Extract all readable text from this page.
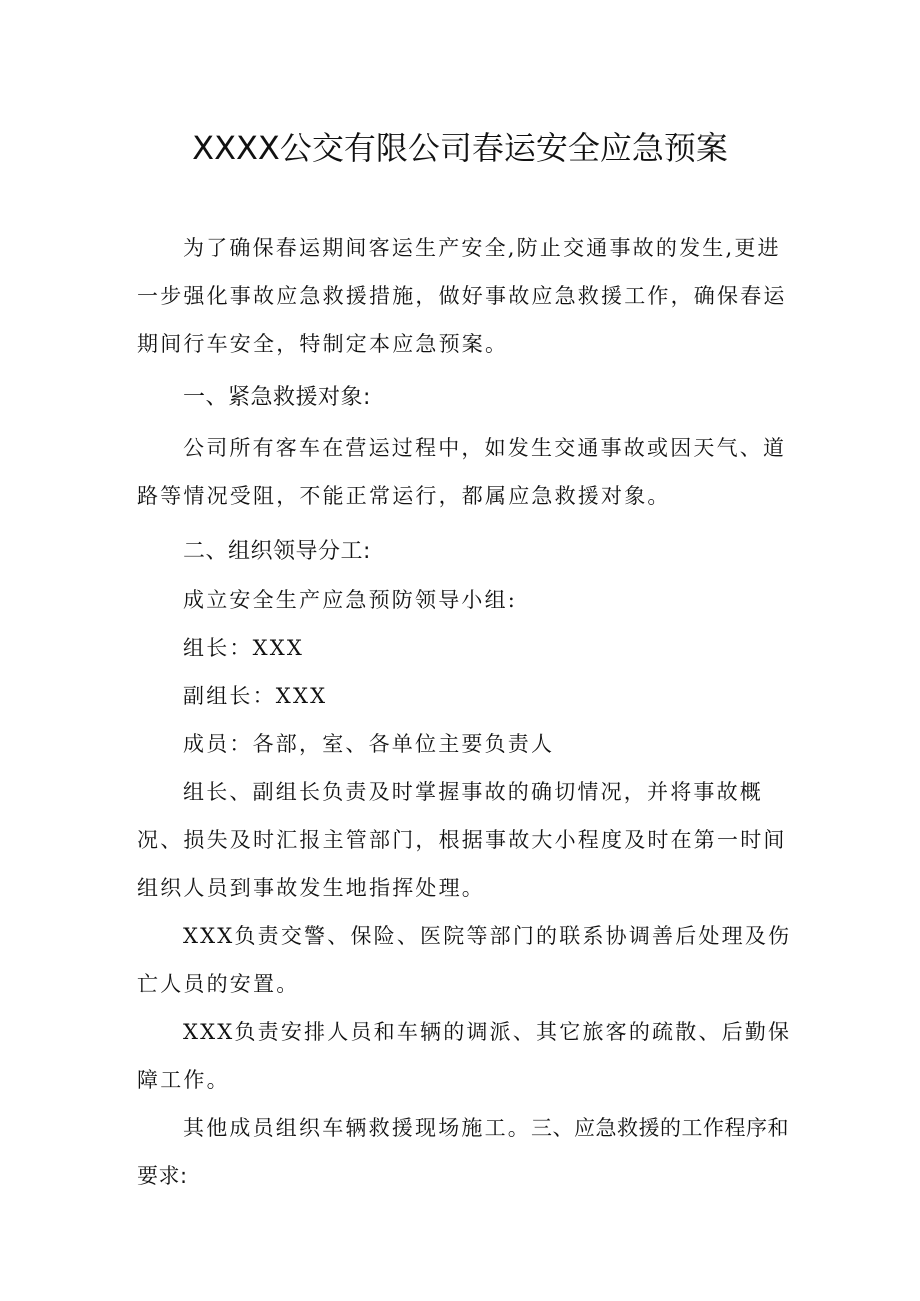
XXXX公交有限公司春运安全应急预案
为了确保春运期间客运生产安全,防止交通事故的发生,更进一步强化事故应急救援措施，做好事故应急救援工作，确保春运期间行车安全，特制定本应急预案。
一、紧急救援对象:
公司所有客车在营运过程中，如发生交通事故或因天气、道路等情况受阻，不能正常运行，都属应急救援对象。
二、组织领导分工:
成立安全生产应急预防领导小组:
组长：XXX
副组长：XXX
成员：各部，室、各单位主要负责人
组长、副组长负责及时掌握事故的确切情况，并将事故概况、损失及时汇报主管部门，根据事故大小程度及时在第一时间组织人员到事故发生地指挥处理。
XXX负责交警、保险、医院等部门的联系协调善后处理及伤亡人员的安置。
XXX负责安排人员和车辆的调派、其它旅客的疏散、后勤保障工作。
其他成员组织车辆救援现场施工。三、应急救援的工作程序和要求:
